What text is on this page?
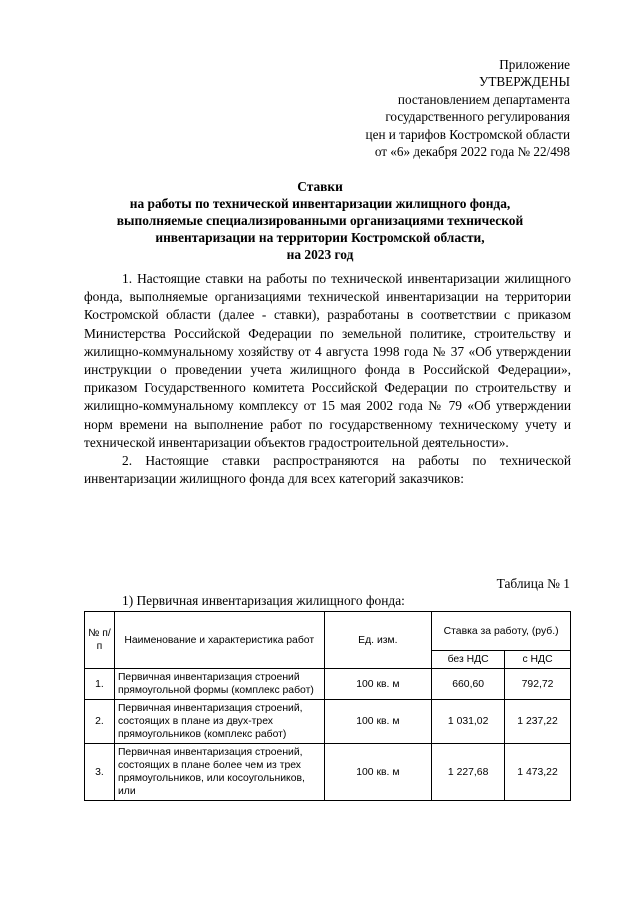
Приложение
УТВЕРЖДЕНЫ
постановлением департамента
государственного регулирования
цен и тарифов Костромской области
от «6» декабря 2022 года № 22/498
Ставки
на работы по технической инвентаризации жилищного фонда,
выполняемые специализированными организациями технической
инвентаризации на территории Костромской области,
на 2023 год

1. Настоящие ставки на работы по технической инвентаризации жилищного фонда, выполняемые организациями технической инвентаризации на территории Костромской области (далее - ставки), разработаны в соответствии с приказом Министерства Российской Федерации по земельной политике, строительству и жилищно-коммунальному хозяйству от 4 августа 1998 года № 37 «Об утверждении инструкции о проведении учета жилищного фонда в Российской Федерации», приказом Государственного комитета Российской Федерации по строительству и жилищно-коммунальному комплексу от 15 мая 2002 года № 79 «Об утверждении норм времени на выполнение работ по государственному техническому учету и технической инвентаризации объектов градостроительной деятельности».

2. Настоящие ставки распространяются на работы по технической инвентаризации жилищного фонда для всех категорий заказчиков:

Таблица № 1
1) Первичная инвентаризация жилищного фонда:
№ п/п	Наименование и характеристика работ	Ед. изм.	Ставка за работу, (руб.)	
			без НДС	с НДС
1.	Первичная инвентаризация строений прямоугольной формы (комплекс работ)	100 кв. м	660,60	792,72
2.	Первичная инвентаризация строений, состоящих в плане из двух-трех прямоугольников (комплекс работ)	100 кв. м	1 031,02	1 237,22
3.	Первичная инвентаризация строений, состоящих в плане более чем из трех прямоугольников, или косоугольников, или	100 кв. м	1 227,68	1 473,22
